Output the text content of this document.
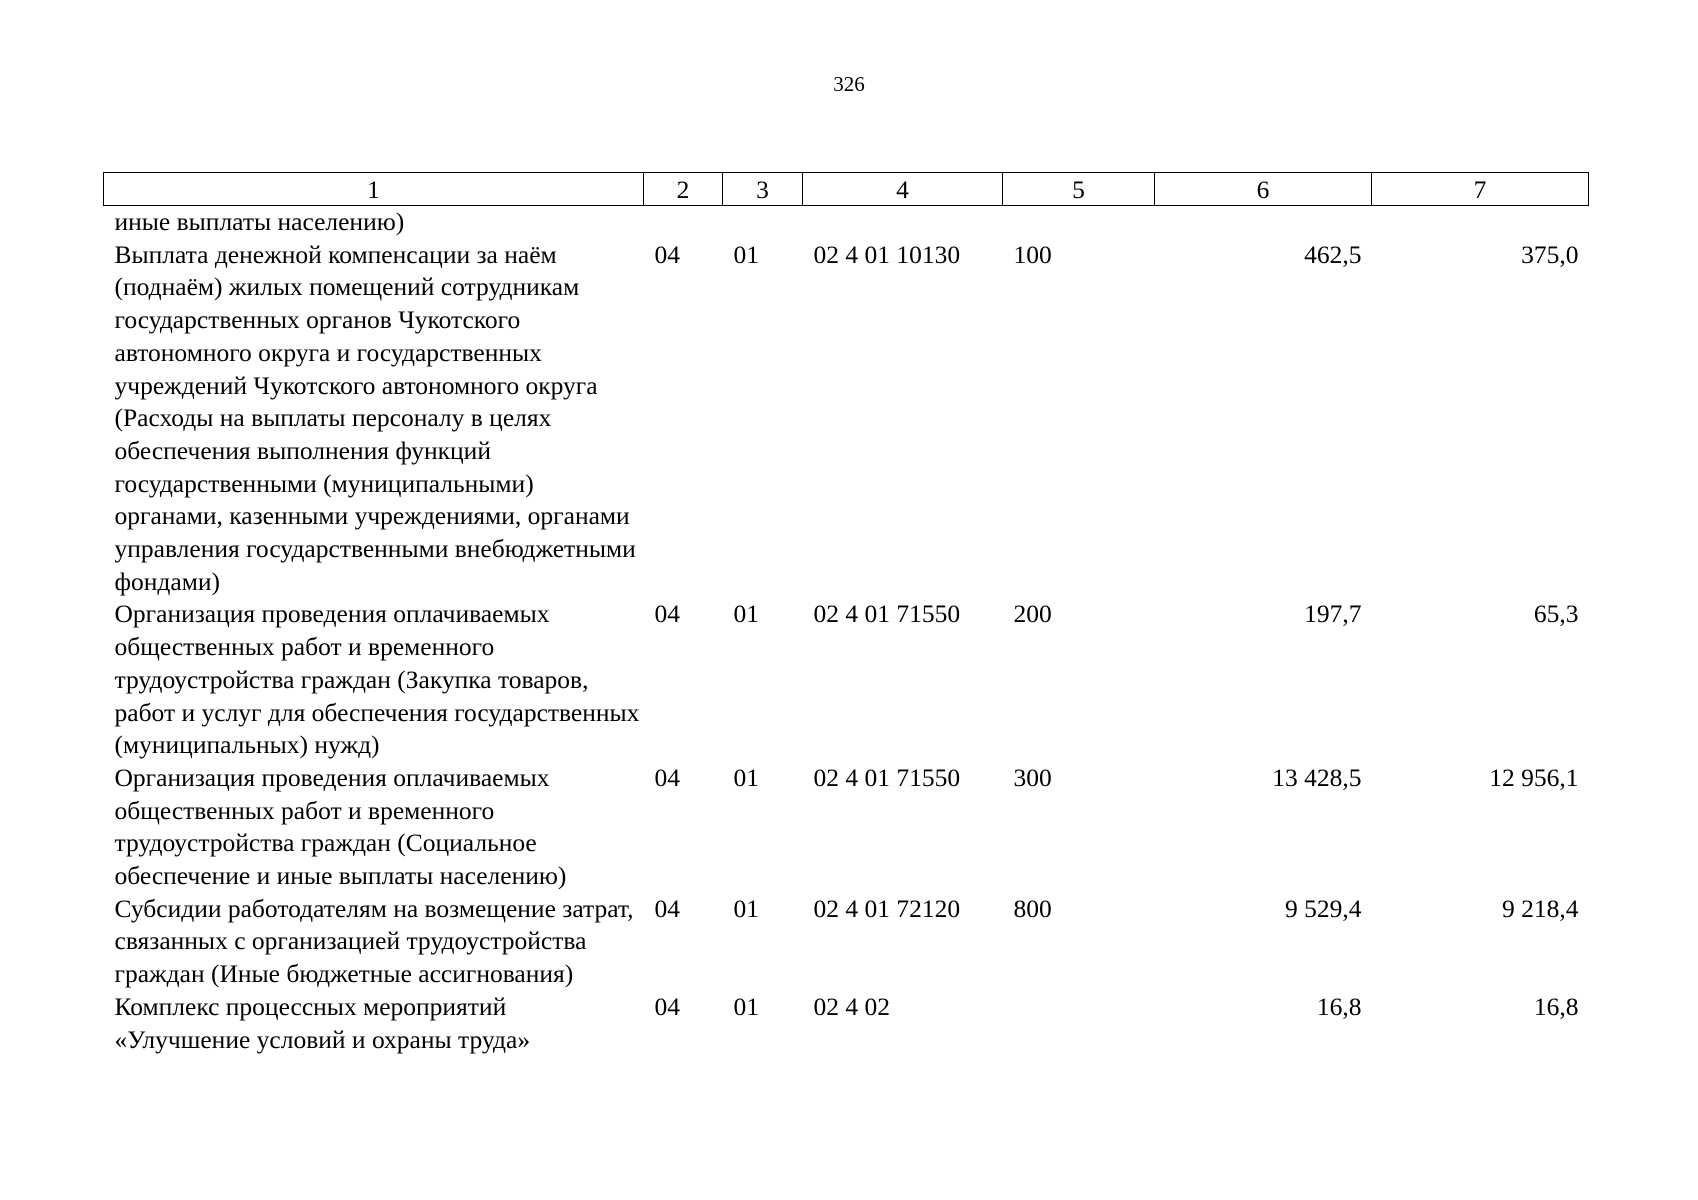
326
1	2	3	4	5	6	7
иные выплаты населению)						
Выплата денежной компенсации за наём (поднаём) жилых помещений сотрудникам государственных органов Чукотского автономного округа и государственных учреждений Чукотского автономного округа (Расходы на выплаты персоналу в целях обеспечения выполнения функций государственными (муниципальными) органами, казенными учреждениями, органами управления государственными внебюджетными фондами)	04	01	02 4 01 10130	100	462,5	375,0
Организация проведения оплачиваемых общественных работ и временного трудоустройства граждан (Закупка товаров, работ и услуг для обеспечения государственных (муниципальных) нужд)	04	01	02 4 01 71550	200	197,7	65,3
Организация проведения оплачиваемых общественных работ и временного трудоустройства граждан (Социальное обеспечение и иные выплаты населению)	04	01	02 4 01 71550	300	13 428,5	12 956,1
Субсидии работодателям на возмещение затрат, связанных с организацией трудоустройства граждан (Иные бюджетные ассигнования)	04	01	02 4 01 72120	800	9 529,4	9 218,4
Комплекс процессных мероприятий «Улучшение условий и охраны труда»	04	01	02 4 02		16,8	16,8
